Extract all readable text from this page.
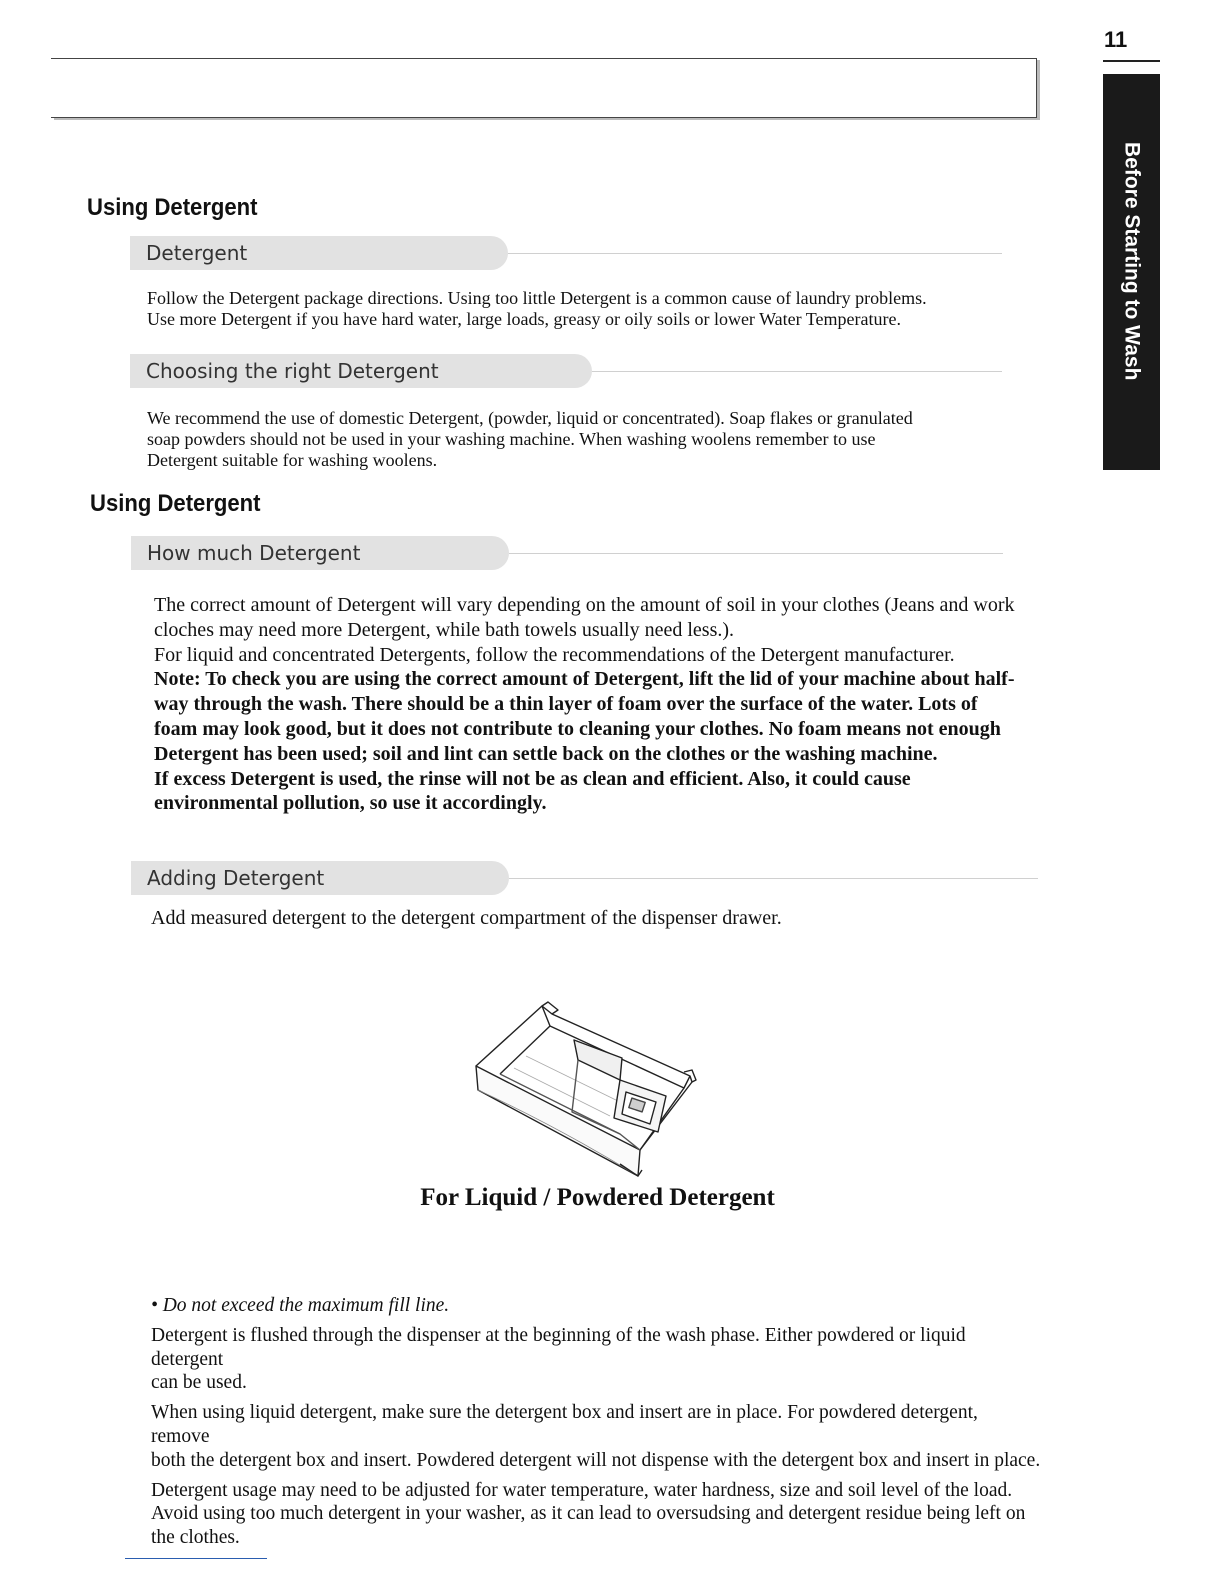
11
Before Starting to Wash
Using Detergent
Detergent

Follow the Detergent package directions. Using too little Detergent is a common cause of laundry problems.

Use more Detergent if you have hard water, large loads, greasy or oily soils or lower Water Temperature.

Choosing the right Detergent

We recommend the use of domestic Detergent, (powder, liquid or concentrated). Soap flakes or granulated

soap powders should not be used in your washing machine. When washing woolens remember to use

Detergent suitable for washing woolens.

Using Detergent
How much Detergent

The correct amount of Detergent will vary depending on the amount of soil in your clothes (Jeans and work

cloches may need more Detergent, while bath towels usually need less.).

For liquid and concentrated Detergents, follow the recommendations of the Detergent manufacturer.

Note: To check you are using the correct amount of Detergent, lift the lid of your machine about half-

way through the wash. There should be a thin layer of foam over the surface of the water. Lots of

foam may look good, but it does not contribute to cleaning your clothes. No foam means not enough

Detergent has been used; soil and lint can settle back on the clothes or the washing machine.

If excess Detergent is used, the rinse will not be as clean and efficient. Also, it could cause

environmental pollution, so use it accordingly.

Adding Detergent

Add measured detergent to the detergent compartment of the dispenser drawer.

For Liquid / Powdered Detergent

• Do not exceed the maximum fill line.

Detergent is flushed through the dispenser at the beginning of the wash phase. Either powdered or liquid detergent

can be used.

When using liquid detergent, make sure the detergent box and insert are in place. For powdered detergent, remove

both the detergent box and insert. Powdered detergent will not dispense with the detergent box and insert in place.

Detergent usage may need to be adjusted for water temperature, water hardness, size and soil level of the load.

Avoid using too much detergent in your washer, as it can lead to oversudsing and detergent residue being left on

the clothes.
